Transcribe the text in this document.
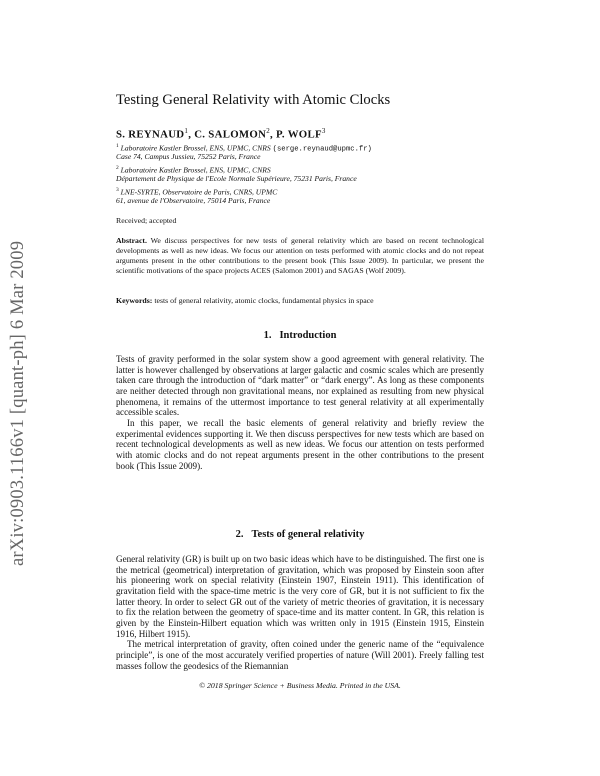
arXiv:0903.1166v1 [quant-ph] 6 Mar 2009
Testing General Relativity with Atomic Clocks
S. REYNAUD$^1$, C. SALOMON$^2$, P. WOLF$^3$
$^1$ Laboratoire Kastler Brossel, ENS, UPMC, CNRS (serge.reynaud@upmc.fr)
Case 74, Campus Jussieu, 75252 Paris, France
$^2$ Laboratoire Kastler Brossel, ENS, UPMC, CNRS
Département de Physique de l'Ecole Normale Supérieure, 75231 Paris, France
$^3$ LNE-SYRTE, Observatoire de Paris, CNRS, UPMC
61, avenue de l'Observatoire, 75014 Paris, France
Received; accepted
Abstract. We discuss perspectives for new tests of general relativity which are based on recent technological developments as well as new ideas. We focus our attention on tests performed with atomic clocks and do not repeat arguments present in the other contributions to the present book (This Issue 2009). In particular, we present the scientific motivations of the space projects ACES (Salomon 2001) and SAGAS (Wolf 2009).
Keywords: tests of general relativity, atomic clocks, fundamental physics in space
1. Introduction

Tests of gravity performed in the solar system show a good agreement with general relativity. The latter is however challenged by observations at larger galactic and cosmic scales which are presently taken care through the introduction of “dark matter” or “dark energy”. As long as these components are neither detected through non gravitational means, nor explained as resulting from new physical phenomena, it remains of the uttermost importance to test general relativity at all experimentally accessible scales.

In this paper, we recall the basic elements of general relativity and briefly review the experimental evidences supporting it. We then discuss perspectives for new tests which are based on recent technological developments as well as new ideas. We focus our attention on tests performed with atomic clocks and do not repeat arguments present in the other contributions to the present book (This Issue 2009).

2. Tests of general relativity

General relativity (GR) is built up on two basic ideas which have to be distinguished. The first one is the metrical (geometrical) interpretation of gravitation, which was proposed by Einstein soon after his pioneering work on special relativity (Einstein 1907, Einstein 1911). This identification of gravitation field with the space-time metric is the very core of GR, but it is not sufficient to fix the latter theory. In order to select GR out of the variety of metric theories of gravitation, it is necessary to fix the relation between the geometry of space-time and its matter content. In GR, this relation is given by the Einstein-Hilbert equation which was written only in 1915 (Einstein 1915, Einstein 1916, Hilbert 1915).

The metrical interpretation of gravity, often coined under the generic name of the “equivalence principle”, is one of the most accurately verified properties of nature (Will 2001). Freely falling test masses follow the geodesics of the Riemannian

© 2018 Springer Science + Business Media. Printed in the USA.
